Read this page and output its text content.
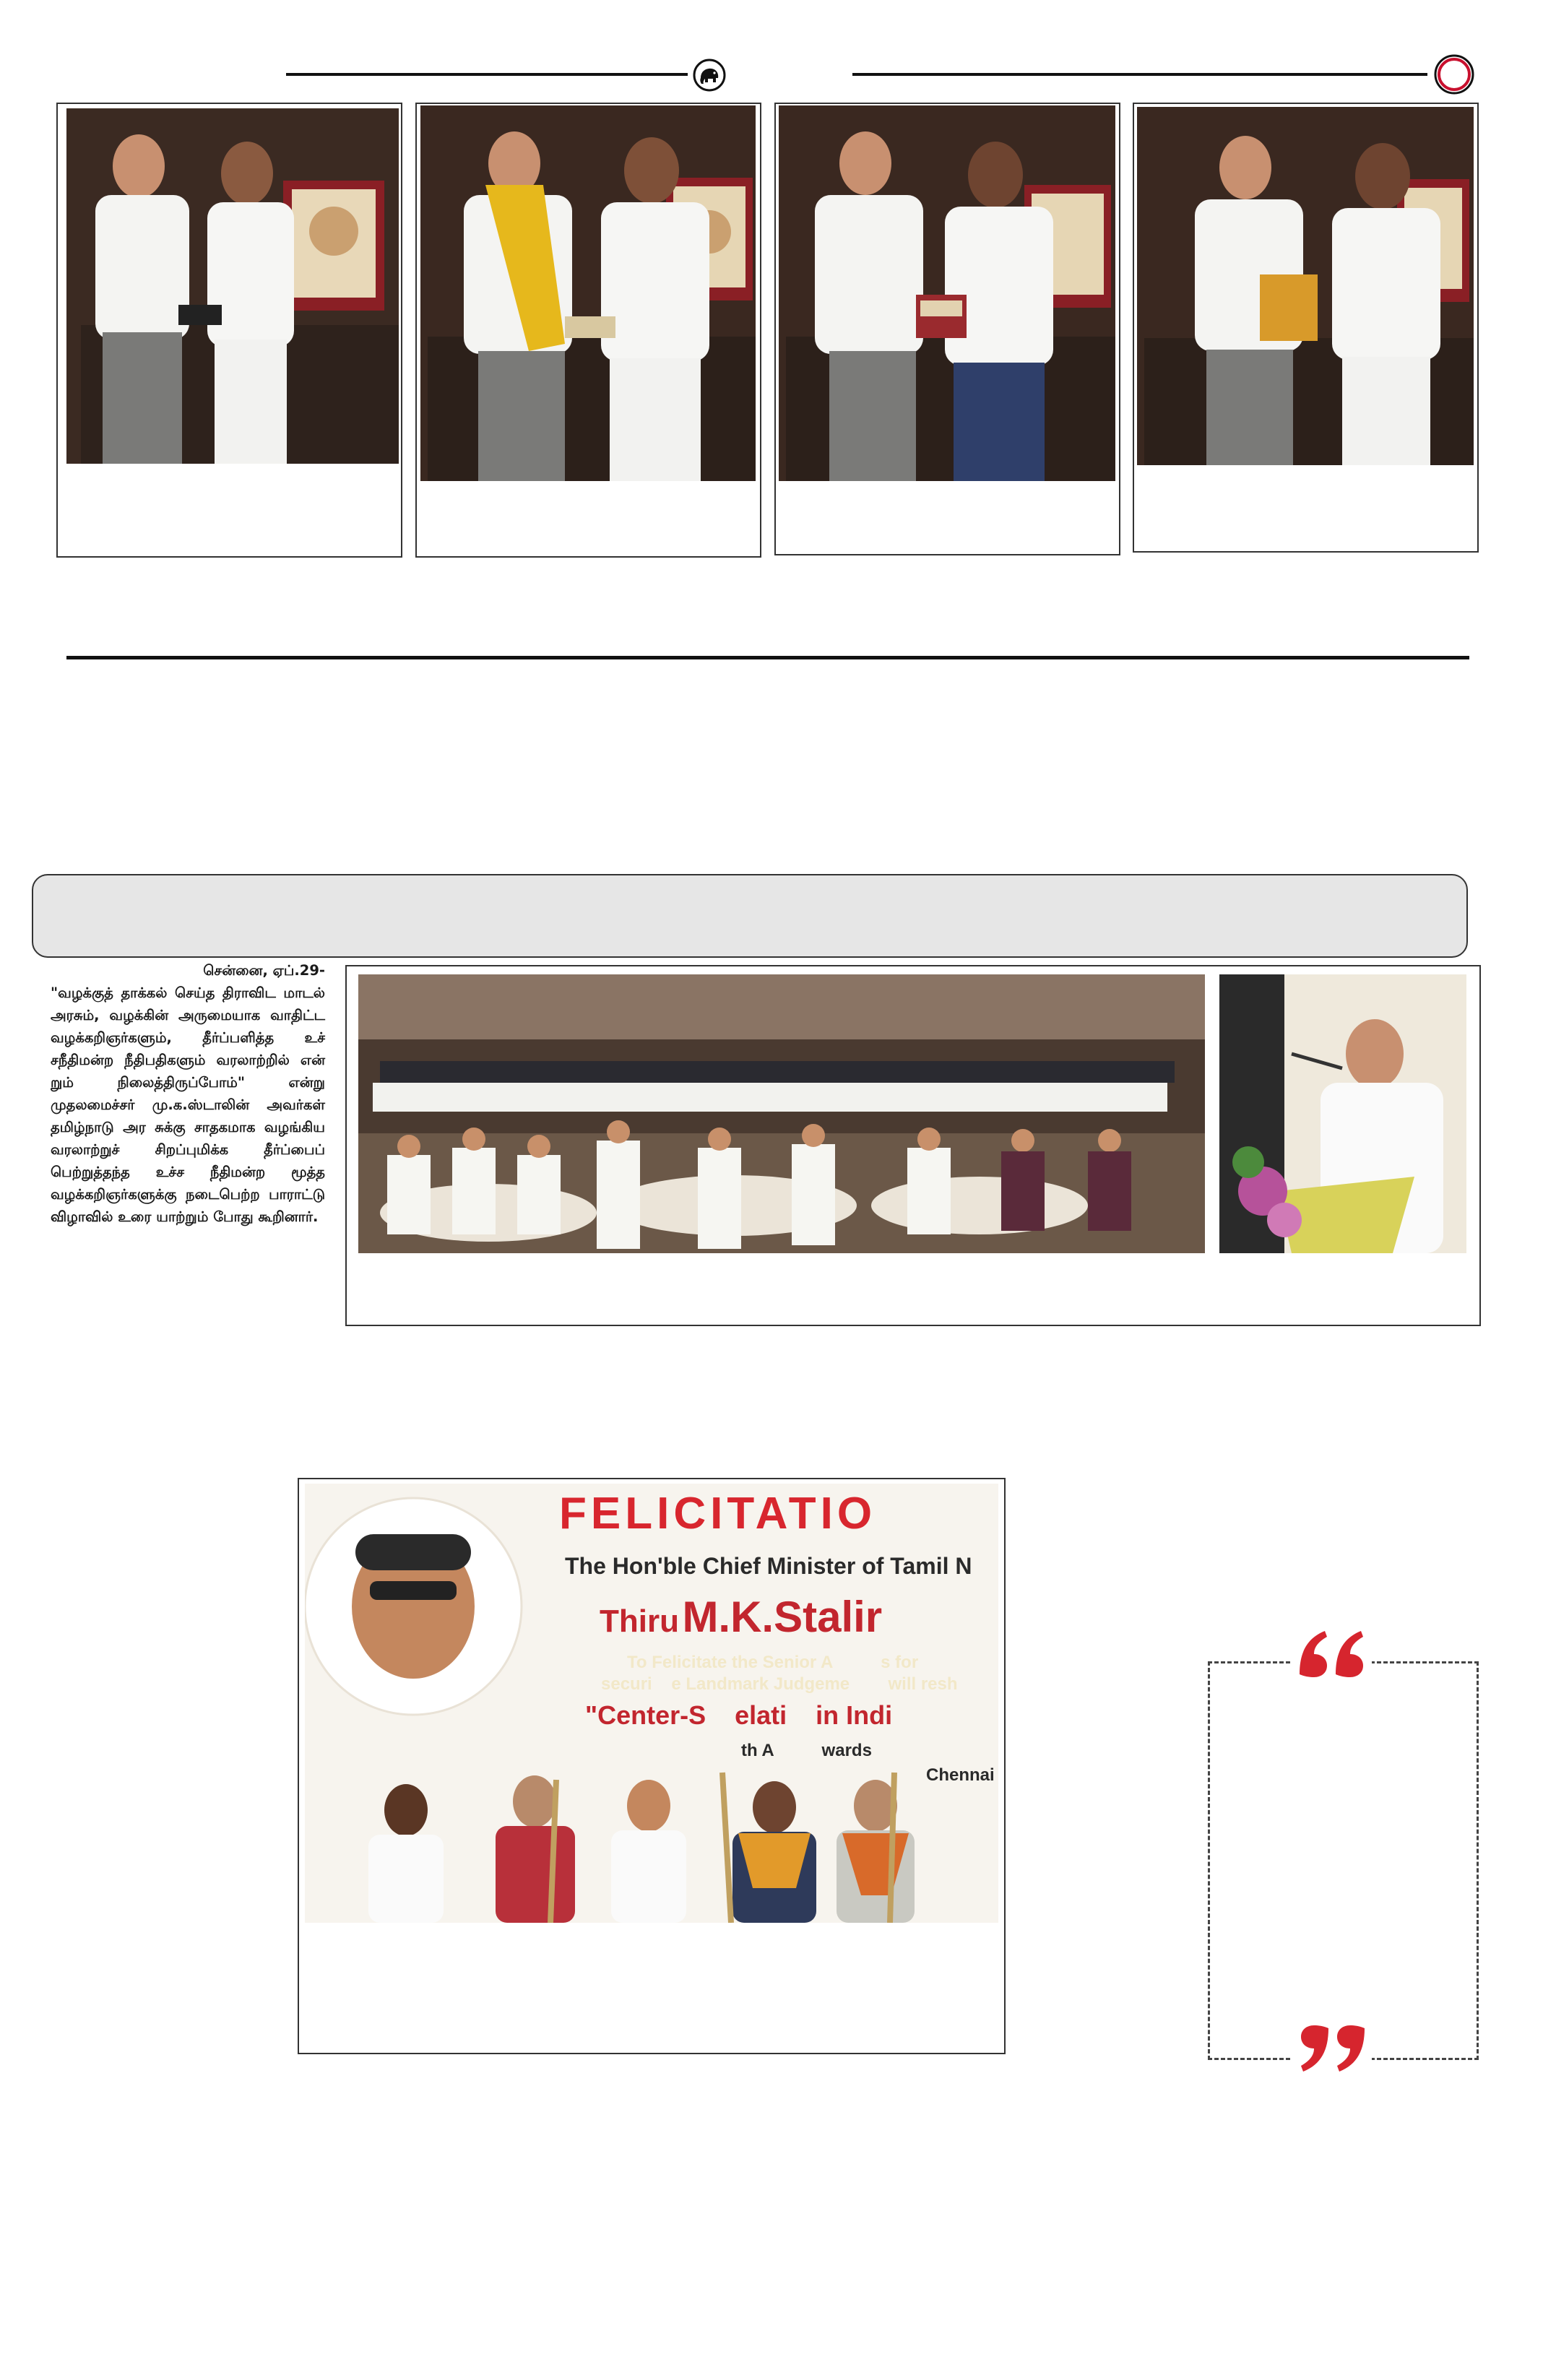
சென்னை, ஏப்.29-
"வழக்குத் தாக்கல் செய்த திராவிட மாடல் அரசும், வழக்கின் அருமையாக வாதிட்ட வழக்கறிஞர்களும், தீர்ப்பளித்த உச் சநீதிமன்ற நீதிபதிகளும் வரலாற்றில் என் றும் நிலைத்திருப்போம்" என்று முதலமைச்சர் மு.க.ஸ்டாலின் அவர்கள் தமிழ்நாடு அர சுக்கு சாதகமாக வழங்கிய வரலாற்றுச் சிறப்புமிக்க தீர்ப்பைப் பெற்றுத்தந்த உச்ச நீதிமன்ற மூத்த வழக்கறிஞர்களுக்கு நடைபெற்ற பாராட்டு விழாவில் உரை யாற்றும் போது கூறினார்.

FELICITATIO
The Hon'ble Chief Minister of Tamil N
Thiru M.K.Stalir
To Felicitate the Senior A          s for
securi    e Landmark Judgeme        will resh
"Center-S    elati    in Indi
th A          wards
Chennai
